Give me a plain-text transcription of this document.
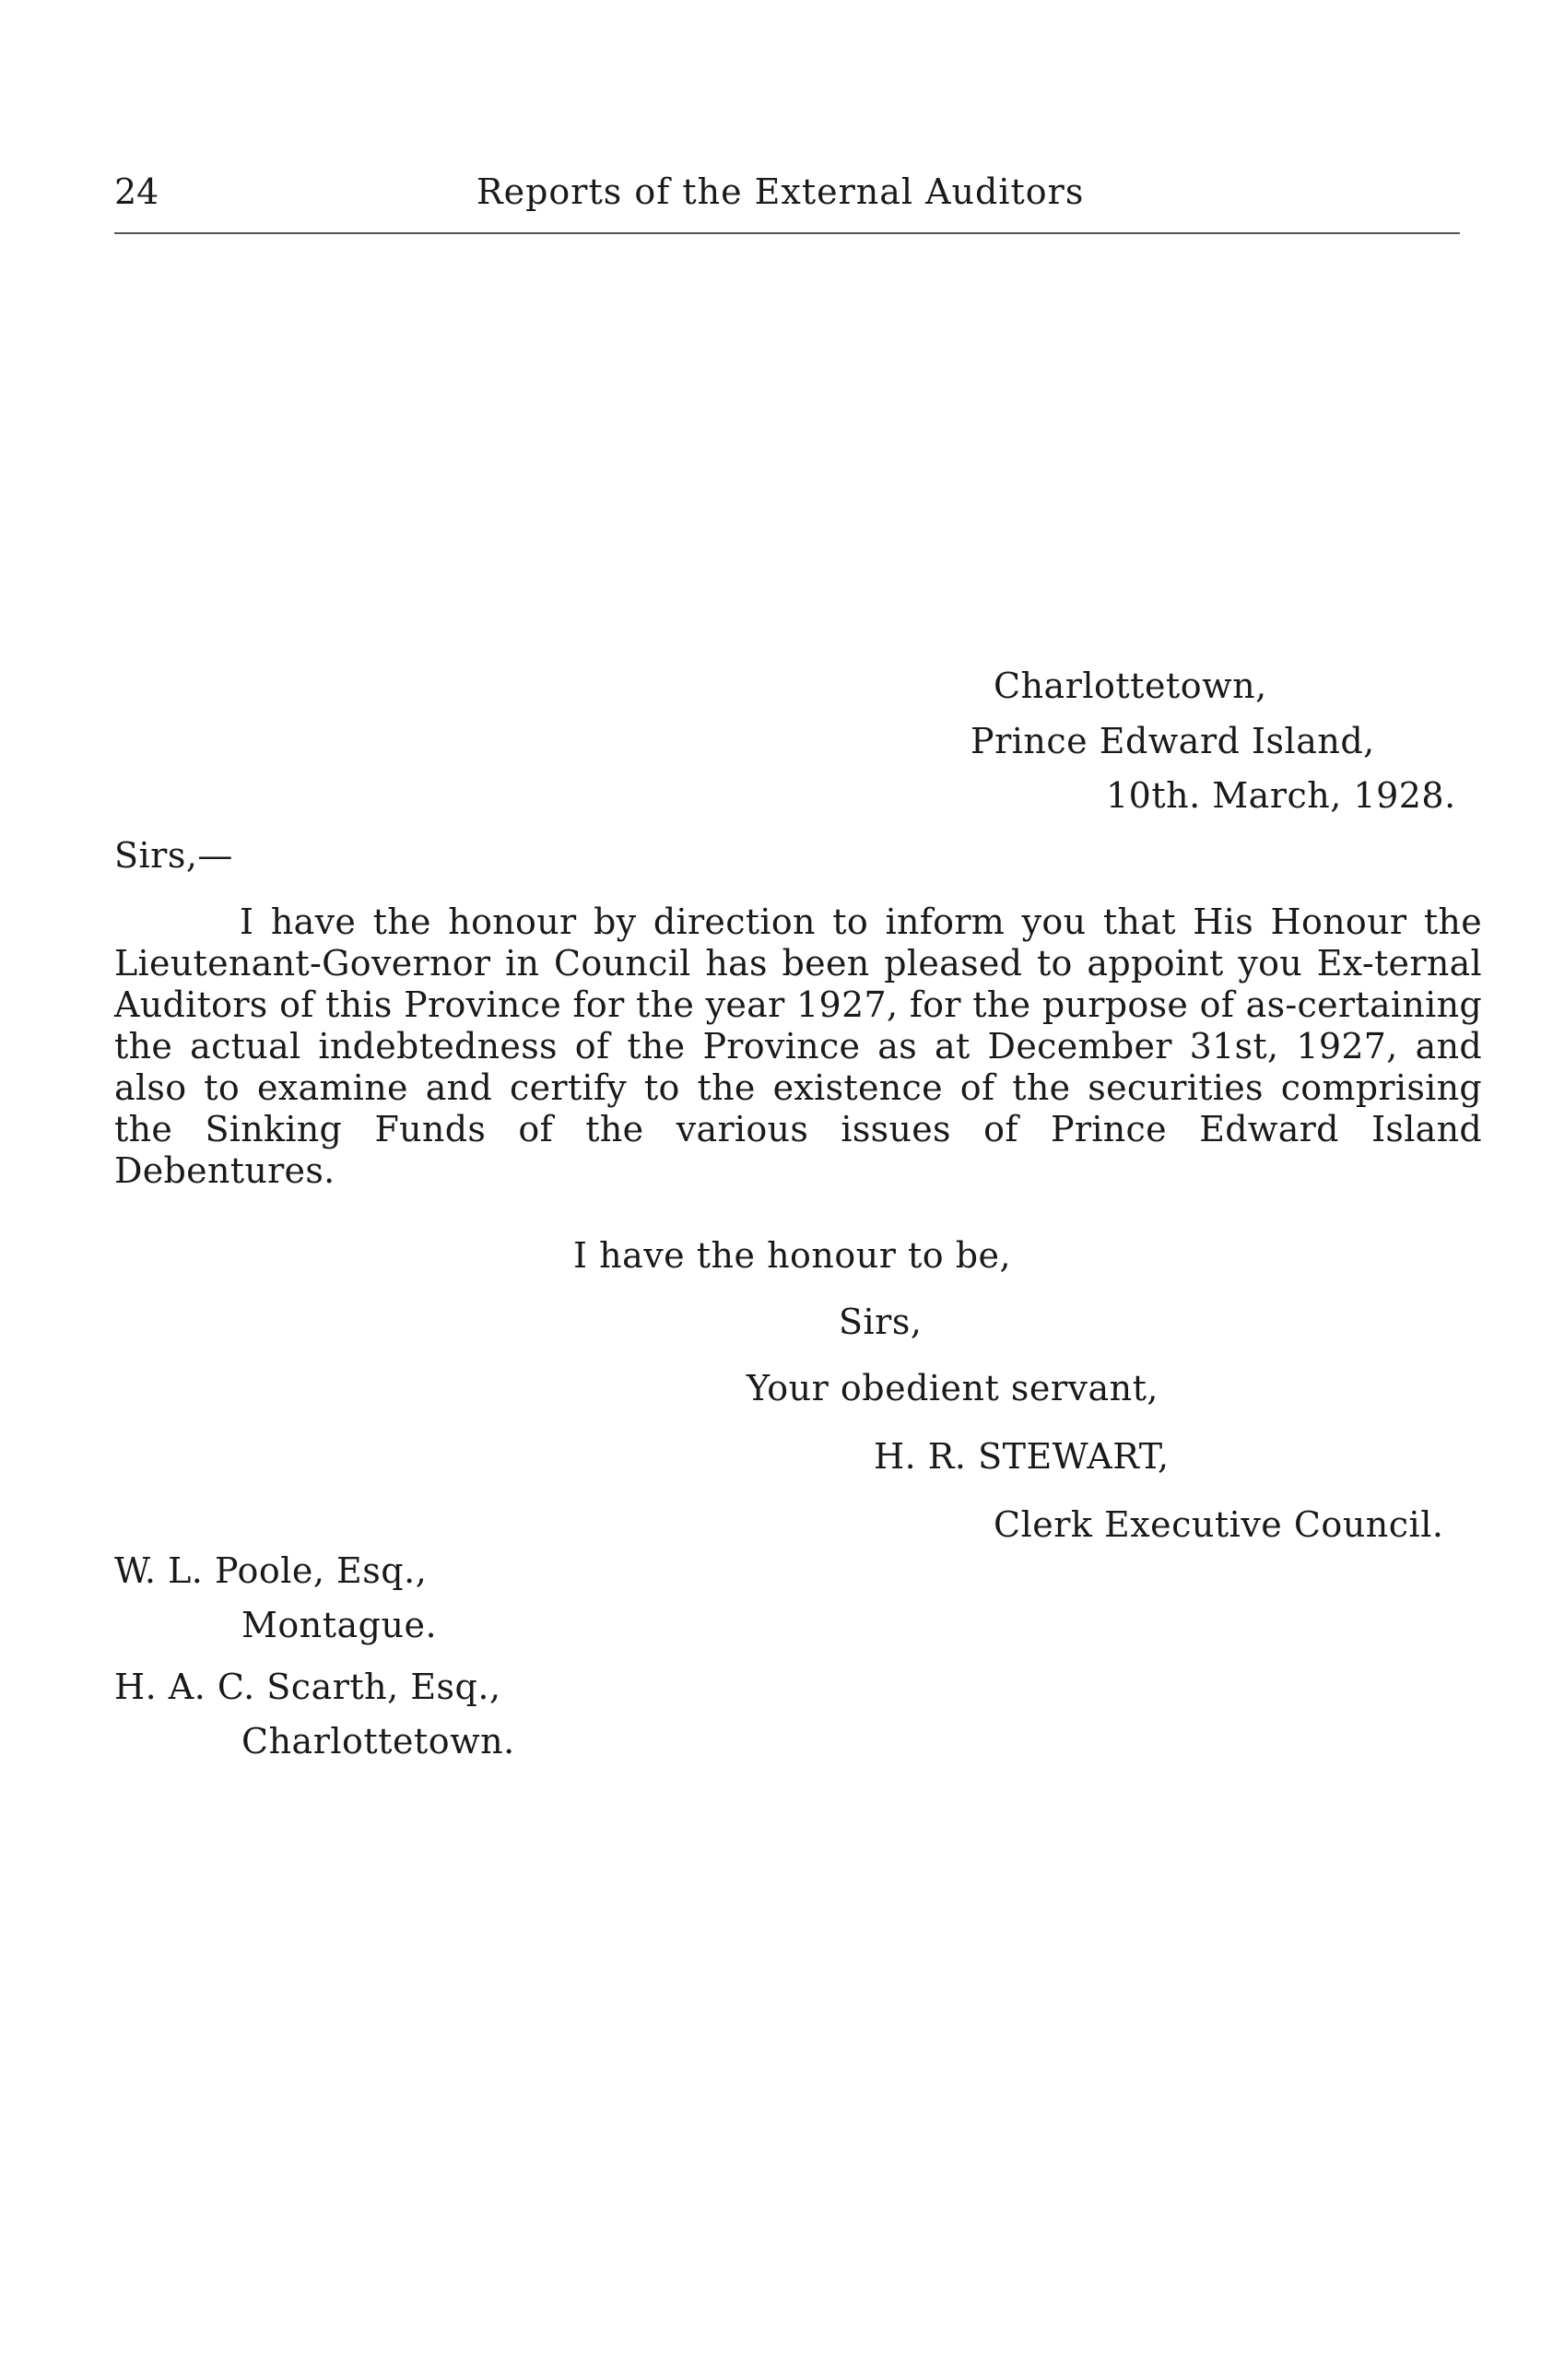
24	Reports of the External Auditors
Charlottetown,
Prince Edward Island,
10th. March, 1928.
Sirs,—
I have the honour by direction to inform you that His Honour the Lieutenant-Governor in Council has been pleased to appoint you Ex-ternal Auditors of this Province for the year 1927, for the purpose of as-certaining the actual indebtedness of the Province as at December 31st, 1927, and also to examine and certify to the existence of the securities comprising the Sinking Funds of the various issues of Prince Edward Island Debentures.
I have the honour to be,
Sirs,
Your obedient servant,
H. R. STEWART,
Clerk Executive Council.
W. L. Poole, Esq.,
Montague.
H. A. C. Scarth, Esq.,
Charlottetown.
